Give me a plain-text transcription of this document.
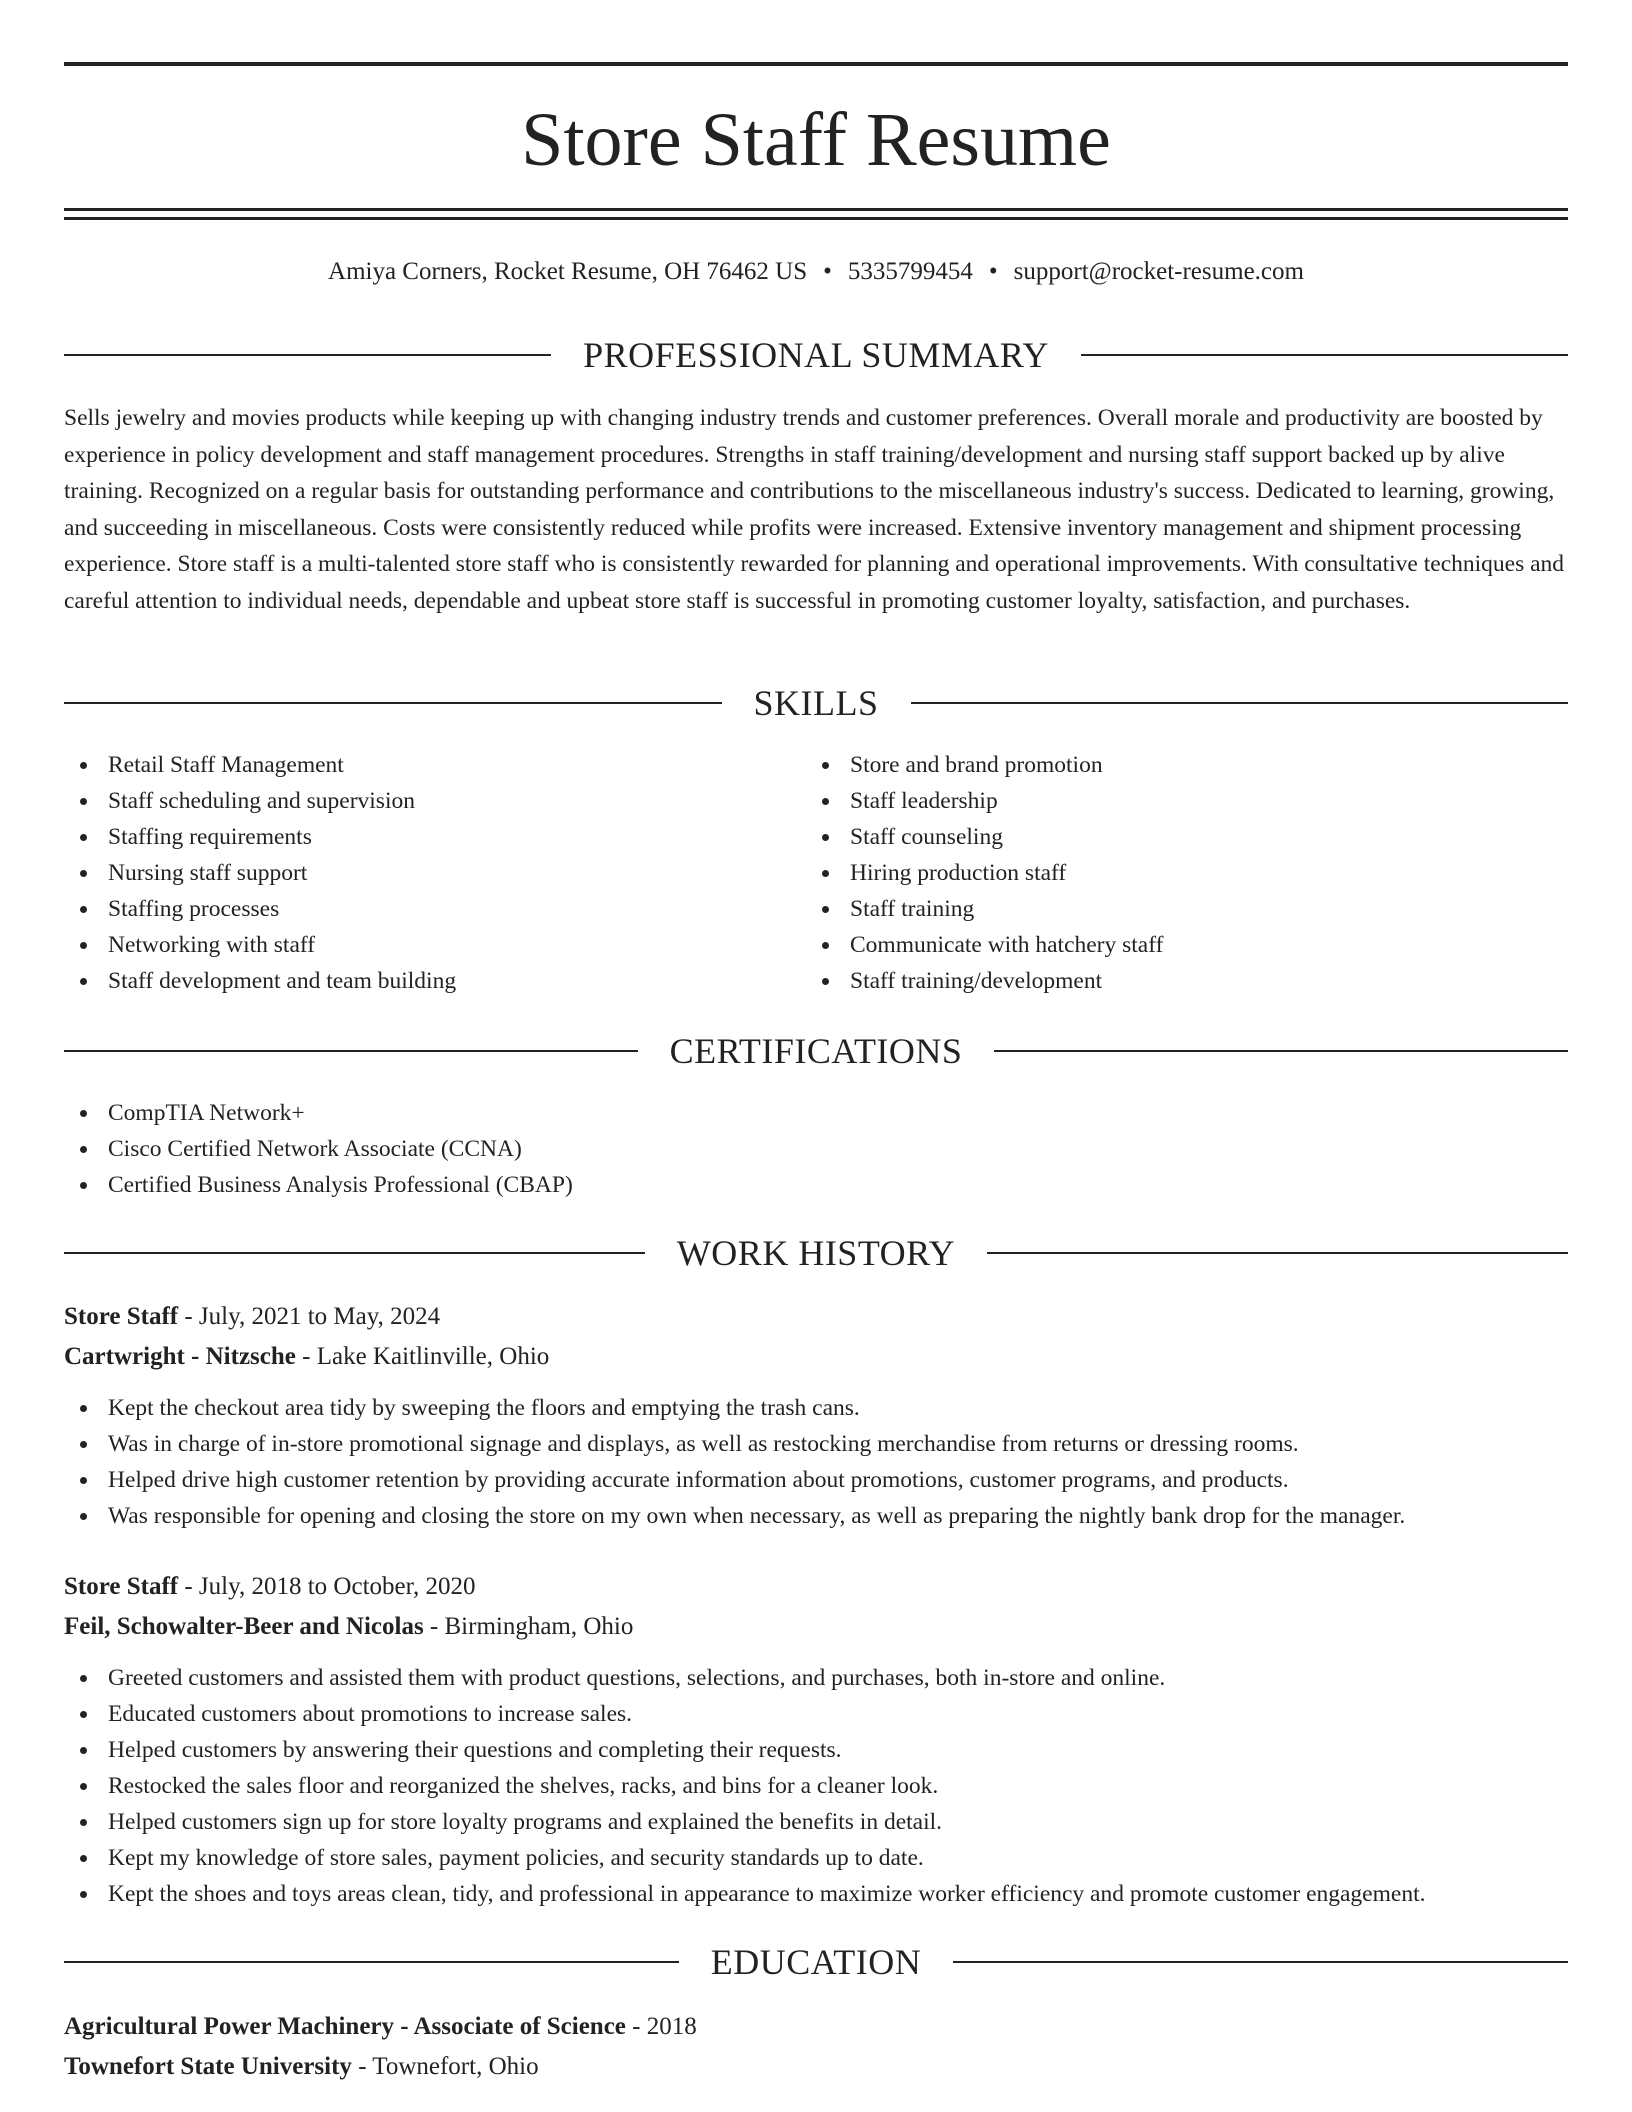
Store Staff Resume
Amiya Corners, Rocket Resume, OH 76462 US • 5335799454 • support@rocket-resume.com
PROFESSIONAL SUMMARY

Sells jewelry and movies products while keeping up with changing industry trends and customer preferences. Overall morale and productivity are boosted by experience in policy development and staff management procedures. Strengths in staff training/development and nursing staff support backed up by alive training. Recognized on a regular basis for outstanding performance and contributions to the miscellaneous industry's success. Dedicated to learning, growing, and succeeding in miscellaneous. Costs were consistently reduced while profits were increased. Extensive inventory management and shipment processing experience. Store staff is a multi-talented store staff who is consistently rewarded for planning and operational improvements. With consultative techniques and careful attention to individual needs, dependable and upbeat store staff is successful in promoting customer loyalty, satisfaction, and purchases.

SKILLS
Retail Staff Management
Staff scheduling and supervision
Staffing requirements
Nursing staff support
Staffing processes
Networking with staff
Staff development and team building
Store and brand promotion
Staff leadership
Staff counseling
Hiring production staff
Staff training
Communicate with hatchery staff
Staff training/development
CERTIFICATIONS
CompTIA Network+
Cisco Certified Network Associate (CCNA)
Certified Business Analysis Professional (CBAP)
WORK HISTORY
Store Staff - July, 2021 to May, 2024
Cartwright - Nitzsche - Lake Kaitlinville, Ohio
Kept the checkout area tidy by sweeping the floors and emptying the trash cans.
Was in charge of in-store promotional signage and displays, as well as restocking merchandise from returns or dressing rooms.
Helped drive high customer retention by providing accurate information about promotions, customer programs, and products.
Was responsible for opening and closing the store on my own when necessary, as well as preparing the nightly bank drop for the manager.
Store Staff - July, 2018 to October, 2020
Feil, Schowalter-Beer and Nicolas - Birmingham, Ohio
Greeted customers and assisted them with product questions, selections, and purchases, both in-store and online.
Educated customers about promotions to increase sales.
Helped customers by answering their questions and completing their requests.
Restocked the sales floor and reorganized the shelves, racks, and bins for a cleaner look.
Helped customers sign up for store loyalty programs and explained the benefits in detail.
Kept my knowledge of store sales, payment policies, and security standards up to date.
Kept the shoes and toys areas clean, tidy, and professional in appearance to maximize worker efficiency and promote customer engagement.
EDUCATION
Agricultural Power Machinery - Associate of Science - 2018
Townefort State University - Townefort, Ohio
